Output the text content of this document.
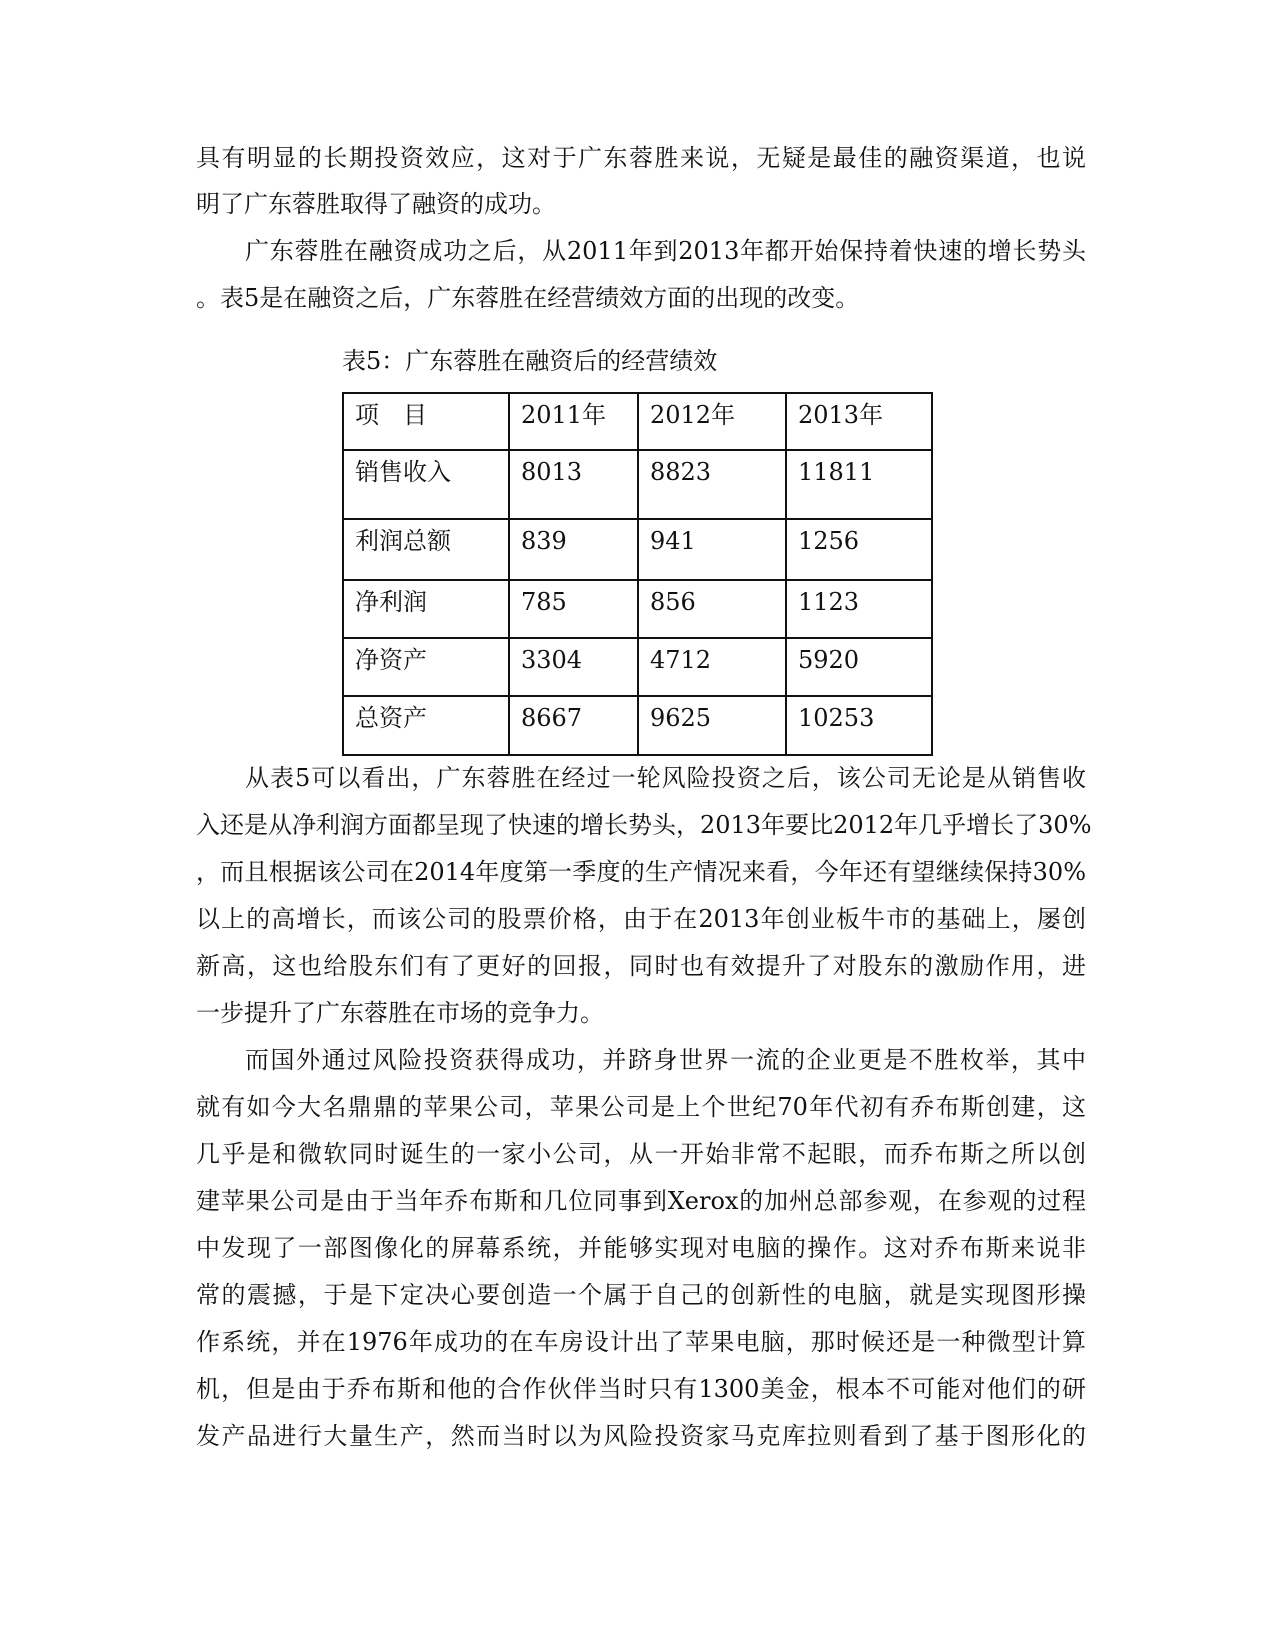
具有明显的长期投资效应，这对于广东蓉胜来说，无疑是最佳的融资渠道，也说
明了广东蓉胜取得了融资的成功。
广东蓉胜在融资成功之后，从2011年到2013年都开始保持着快速的增长势头
。表5是在融资之后，广东蓉胜在经营绩效方面的出现的改变。
表5：广东蓉胜在融资后的经营绩效
项　目	2011年	2012年	2013年
销售收入	8013	8823	11811
利润总额	839	941	1256
净利润	785	856	1123
净资产	3304	4712	5920
总资产	8667	9625	10253
从表5可以看出，广东蓉胜在经过一轮风险投资之后，该公司无论是从销售收
入还是从净利润方面都呈现了快速的增长势头，2013年要比2012年几乎增长了30%
，而且根据该公司在2014年度第一季度的生产情况来看，今年还有望继续保持30%
以上的高增长，而该公司的股票价格，由于在2013年创业板牛市的基础上，屡创
新高，这也给股东们有了更好的回报，同时也有效提升了对股东的激励作用，进
一步提升了广东蓉胜在市场的竞争力。
而国外通过风险投资获得成功，并跻身世界一流的企业更是不胜枚举，其中
就有如今大名鼎鼎的苹果公司，苹果公司是上个世纪70年代初有乔布斯创建，这
几乎是和微软同时诞生的一家小公司，从一开始非常不起眼，而乔布斯之所以创
建苹果公司是由于当年乔布斯和几位同事到Xerox的加州总部参观，在参观的过程
中发现了一部图像化的屏幕系统，并能够实现对电脑的操作。这对乔布斯来说非
常的震撼，于是下定决心要创造一个属于自己的创新性的电脑，就是实现图形操
作系统，并在1976年成功的在车房设计出了苹果电脑，那时候还是一种微型计算
机，但是由于乔布斯和他的合作伙伴当时只有1300美金，根本不可能对他们的研
发产品进行大量生产，然而当时以为风险投资家马克库拉则看到了基于图形化的
